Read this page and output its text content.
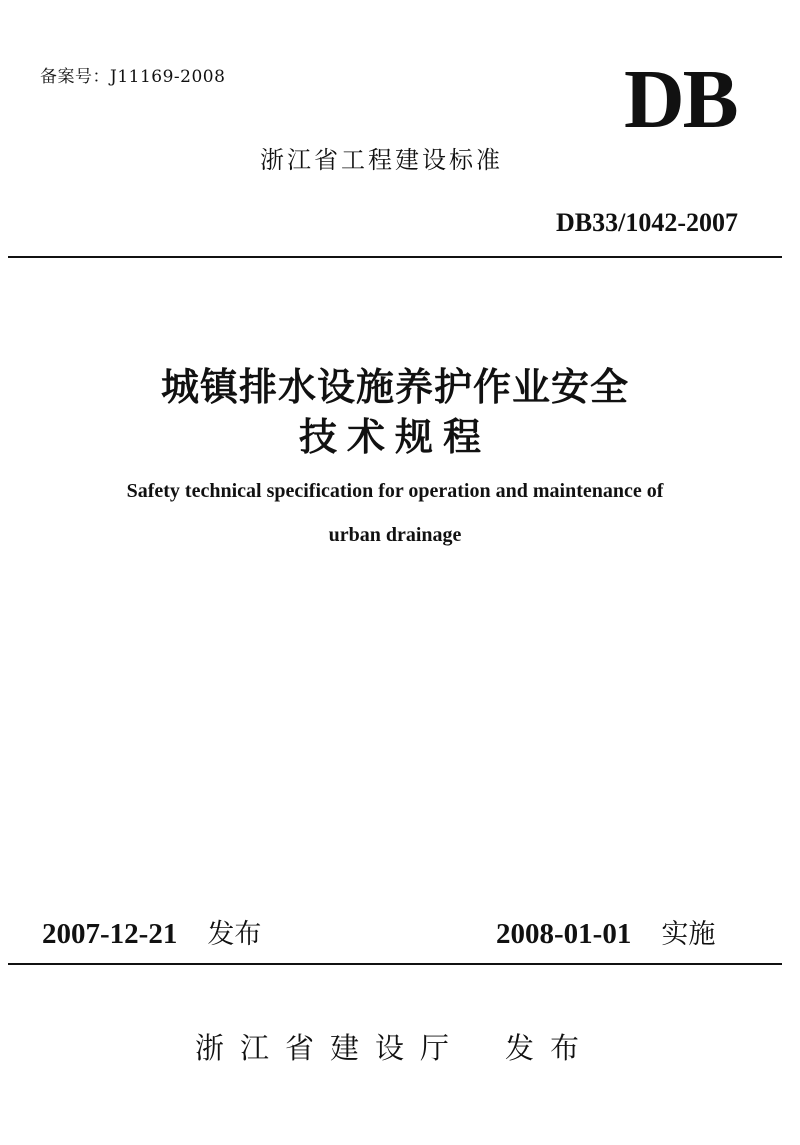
备案号：J11169-2008	DB
浙江省工程建设标准
DB33/1042-2007
城镇排水设施养护作业安全
技术规程
Safety technical specification for operation and maintenance of
urban drainage
2007-12-21 发布	2008-01-01 实施
浙江省建设厅 发布
